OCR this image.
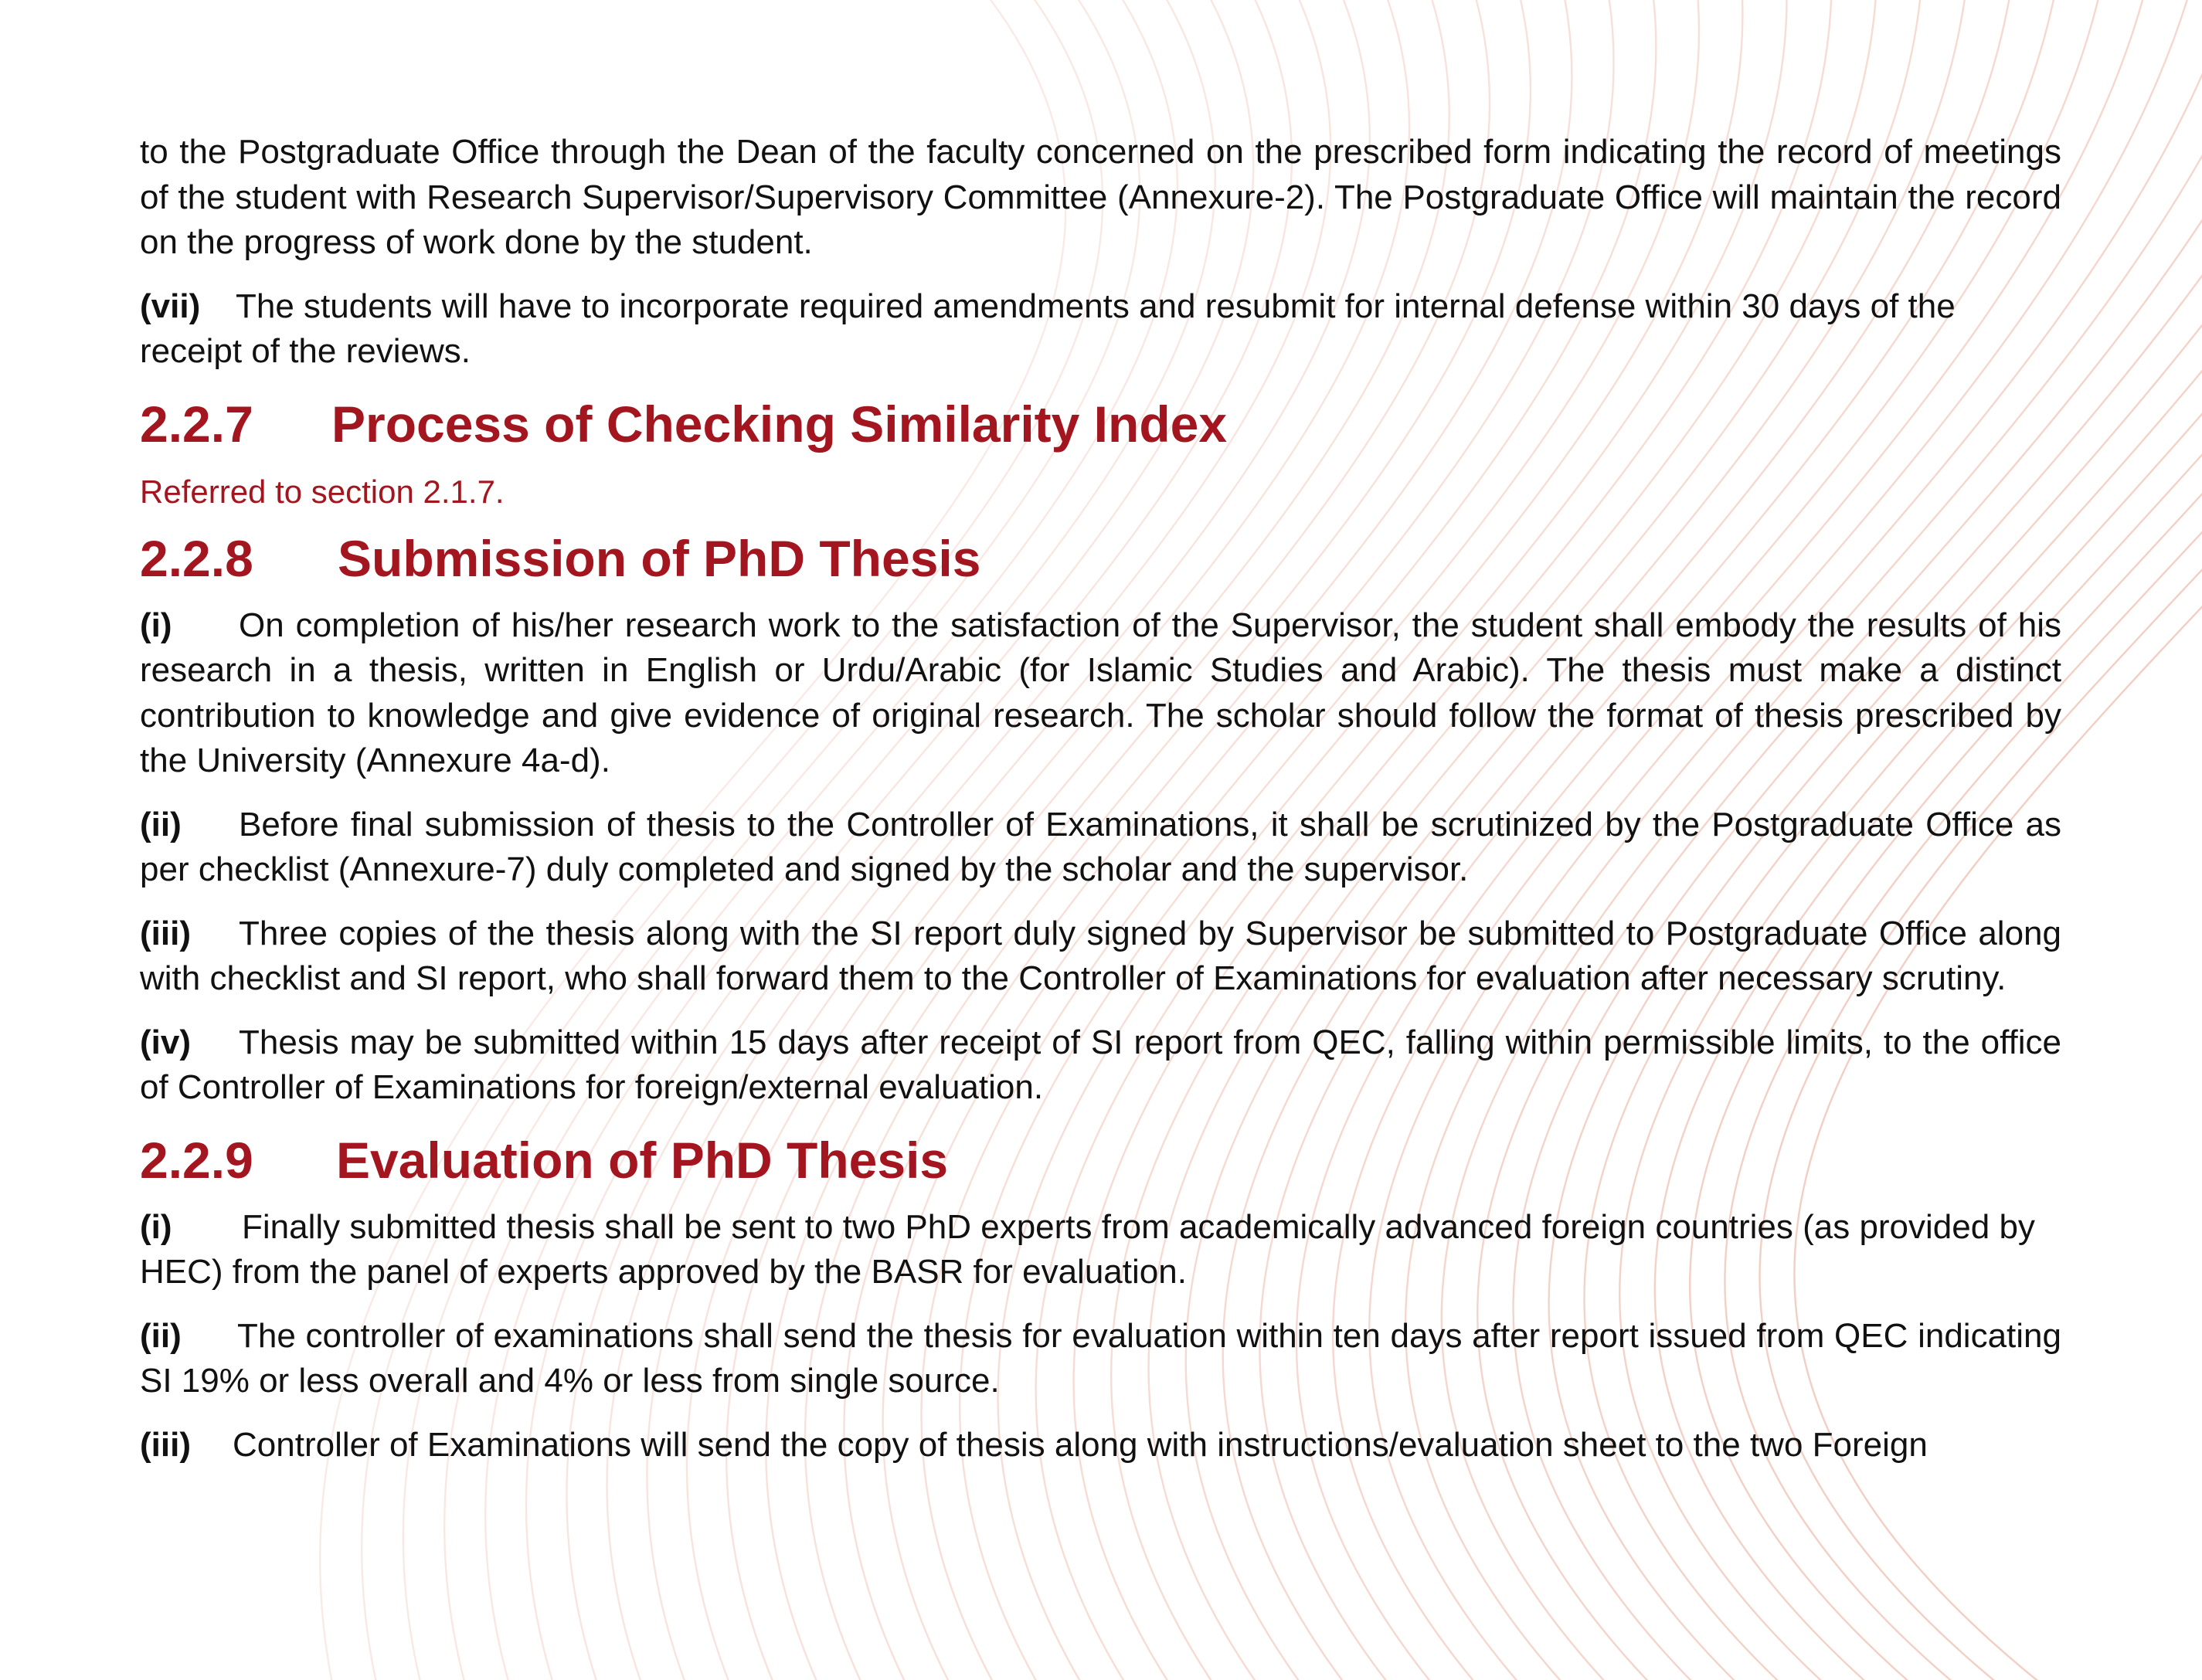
to the Postgraduate Office through the Dean of the faculty concerned on the prescribed form indicating the record of meetings of the student with Research Supervisor/Supervisory Committee (Annexure-2). The Postgraduate Office will maintain the record on the progress of work done by the student.

(vii) The students will have to incorporate required amendments and resubmit for internal defense within 30 days of the receipt of the reviews.

2.2.7	Process of Checking Similarity Index

Referred to section 2.1.7.

2.2.8	Submission of PhD Thesis

(i) On completion of his/her research work to the satisfaction of the Supervisor, the student shall embody the results of his research in a thesis, written in English or Urdu/Arabic (for Islamic Studies and Arabic). The thesis must make a distinct contribution to knowledge and give evidence of original research. The scholar should follow the format of thesis prescribed by the University (Annexure 4a-d).

(ii) Before final submission of thesis to the Controller of Examinations, it shall be scrutinized by the Postgraduate Office as per checklist (Annexure-7) duly completed and signed by the scholar and the supervisor.

(iii) Three copies of the thesis along with the SI report duly signed by Supervisor be submitted to Postgraduate Office along with checklist and SI report, who shall forward them to the Controller of Examinations for evaluation after necessary scrutiny.

(iv) Thesis may be submitted within 15 days after receipt of SI report from QEC, falling within permissible limits, to the office of Controller of Examinations for foreign/external evaluation.

2.2.9	Evaluation of PhD Thesis

(i) Finally submitted thesis shall be sent to two PhD experts from academically advanced foreign countries (as provided by HEC) from the panel of experts approved by the BASR for evaluation.

(ii) The controller of examinations shall send the thesis for evaluation within ten days after report issued from QEC indicating SI 19% or less overall and 4% or less from single source.

(iii) Controller of Examinations will send the copy of thesis along with instructions/evaluation sheet to the two Foreign
